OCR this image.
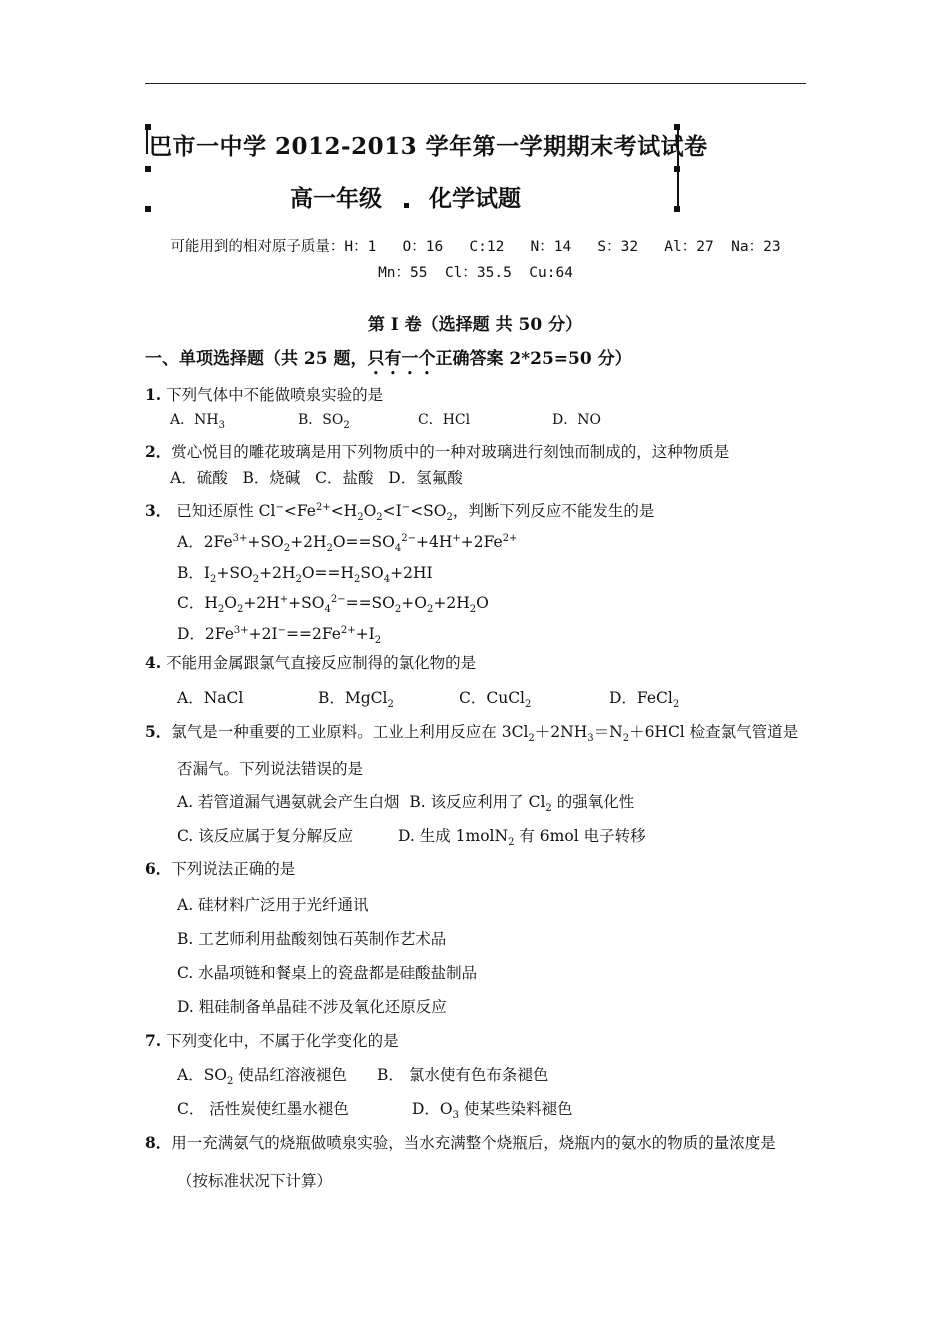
巴市一中学 2012-2013 学年第一学期期末考试试卷
高一年级 化学试题
可能用到的相对原子质量：H：1   O：16   C:12   N：14   S：32   Al：27  Na：23
Mn：55  Cl：35.5  Cu:64
第 I 卷（选择题 共 50 分）
一、单项选择题（共 25 题，只有一个正确答案 2*25=50 分）
1. 下列气体中不能做喷泉实验的是
A．$NH_3$	B．$SO_2$	C．HCl	D．NO
2．赏心悦目的雕花玻璃是用下列物质中的一种对玻璃进行刻蚀而制成的，这种物质是
A．硫酸   B．烧碱   C．盐酸   D．氢氟酸
3． 已知还原性 $Cl^-<Fe^{2+}<H_2O_2<I^-<SO_2$，判断下列反应不能发生的是
A．$2Fe^{3+}+SO_2+2H_2O==SO_4^{2-}+4H^++2Fe^{2+}$
B．$I_2+SO_2+2H_2O==H_2SO_4+2HI$
C．$H_2O_2+2H^++SO_4^{2-}==SO_2+O_2+2H_2O$
D．$2Fe^{3+}+2I^-==2Fe^{2+}+I_2$
4. 不能用金属跟氯气直接反应制得的氯化物的是
A．NaCl	B．MgCl$_2$	C．CuCl$_2$	D．FeCl$_2$
5．氯气是一种重要的工业原料。工业上利用反应在 $3Cl_2+2NH_3=N_2+6HCl$ 检查氯气管道是
否漏气。下列说法错误的是
A. 若管道漏气遇氨就会产生白烟 B. 该反应利用了 $Cl_2$ 的强氧化性
C. 该反应属于复分解反应	D. 生成 1molN$_2$ 有 6mol 电子转移
6．下列说法正确的是
A. 硅材料广泛用于光纤通讯
B. 工艺师利用盐酸刻蚀石英制作艺术品
C. 水晶项链和餐桌上的瓷盘都是硅酸盐制品
D. 粗硅制备单晶硅不涉及氧化还原反应
7. 下列变化中，不属于化学变化的是
A．$SO_2$ 使品红溶液褪色 B． 氯水使有色布条褪色
C． 活性炭使红墨水褪色	D．$O_3$ 使某些染料褪色
8．用一充满氨气的烧瓶做喷泉实验，当水充满整个烧瓶后，烧瓶内的氨水的物质的量浓度是
（按标准状况下计算）
